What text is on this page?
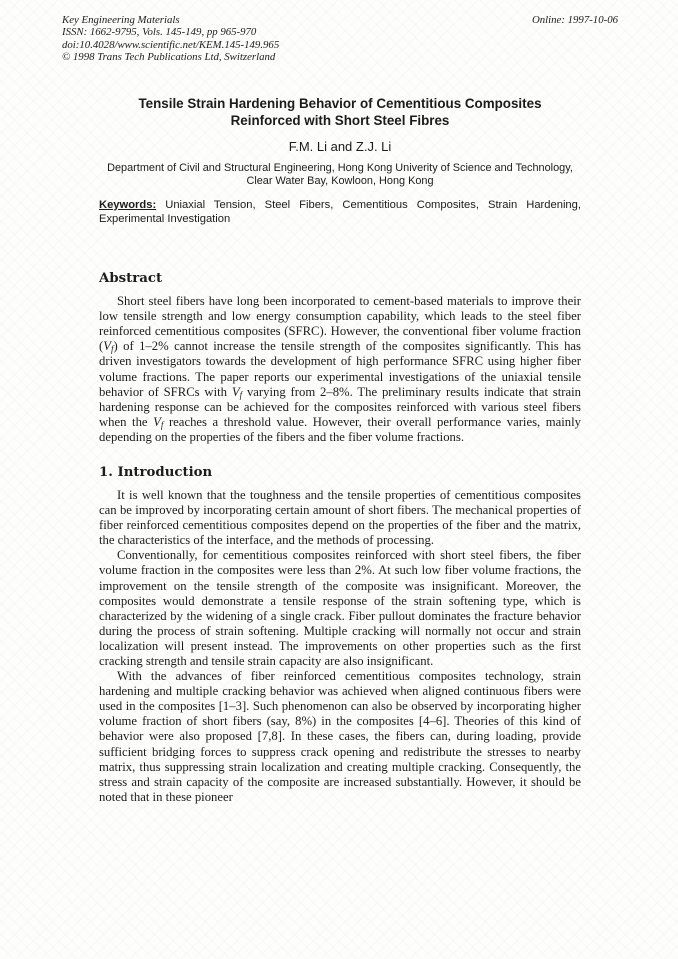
Key Engineering Materials
ISSN: 1662-9795, Vols. 145-149, pp 965-970
doi:10.4028/www.scientific.net/KEM.145-149.965
© 1998 Trans Tech Publications Ltd, Switzerland
Online: 1997-10-06
Tensile Strain Hardening Behavior of Cementitious Composites
Reinforced with Short Steel Fibres
F.M. Li and Z.J. Li
Department of Civil and Structural Engineering, Hong Kong Univerity of Science and Technology,
Clear Water Bay, Kowloon, Hong Kong

Keywords: Uniaxial Tension, Steel Fibers, Cementitious Composites, Strain Hardening, Experimental Investigation

Abstract

Short steel fibers have long been incorporated to cement-based materials to improve their low tensile strength and low energy consumption capability, which leads to the steel fiber reinforced cementitious composites (SFRC). However, the conventional fiber volume fraction $(V_f)$ of 1–2% cannot increase the tensile strength of the composites significantly. This has driven investigators towards the development of high performance SFRC using higher fiber volume fractions. The paper reports our experimental investigations of the uniaxial tensile behavior of SFRCs with $V_f$ varying from 2–8%. The preliminary results indicate that strain hardening response can be achieved for the composites reinforced with various steel fibers when the $V_f$ reaches a threshold value. However, their overall performance varies, mainly depending on the properties of the fibers and the fiber volume fractions.

1. Introduction

It is well known that the toughness and the tensile properties of cementitious composites can be improved by incorporating certain amount of short fibers. The mechanical properties of fiber reinforced cementitious composites depend on the properties of the fiber and the matrix, the characteristics of the interface, and the methods of processing.

Conventionally, for cementitious composites reinforced with short steel fibers, the fiber volume fraction in the composites were less than 2%. At such low fiber volume fractions, the improvement on the tensile strength of the composite was insignificant. Moreover, the composites would demonstrate a tensile response of the strain softening type, which is characterized by the widening of a single crack. Fiber pullout dominates the fracture behavior during the process of strain softening. Multiple cracking will normally not occur and strain localization will present instead. The improvements on other properties such as the first cracking strength and tensile strain capacity are also insignificant.

With the advances of fiber reinforced cementitious composites technology, strain hardening and multiple cracking behavior was achieved when aligned continuous fibers were used in the composites [1–3]. Such phenomenon can also be observed by incorporating higher volume fraction of short fibers (say, 8%) in the composites [4–6]. Theories of this kind of behavior were also proposed [7,8]. In these cases, the fibers can, during loading, provide sufficient bridging forces to suppress crack opening and redistribute the stresses to nearby matrix, thus suppressing strain localization and creating multiple cracking. Consequently, the stress and strain capacity of the composite are increased substantially. However, it should be noted that in these pioneer
